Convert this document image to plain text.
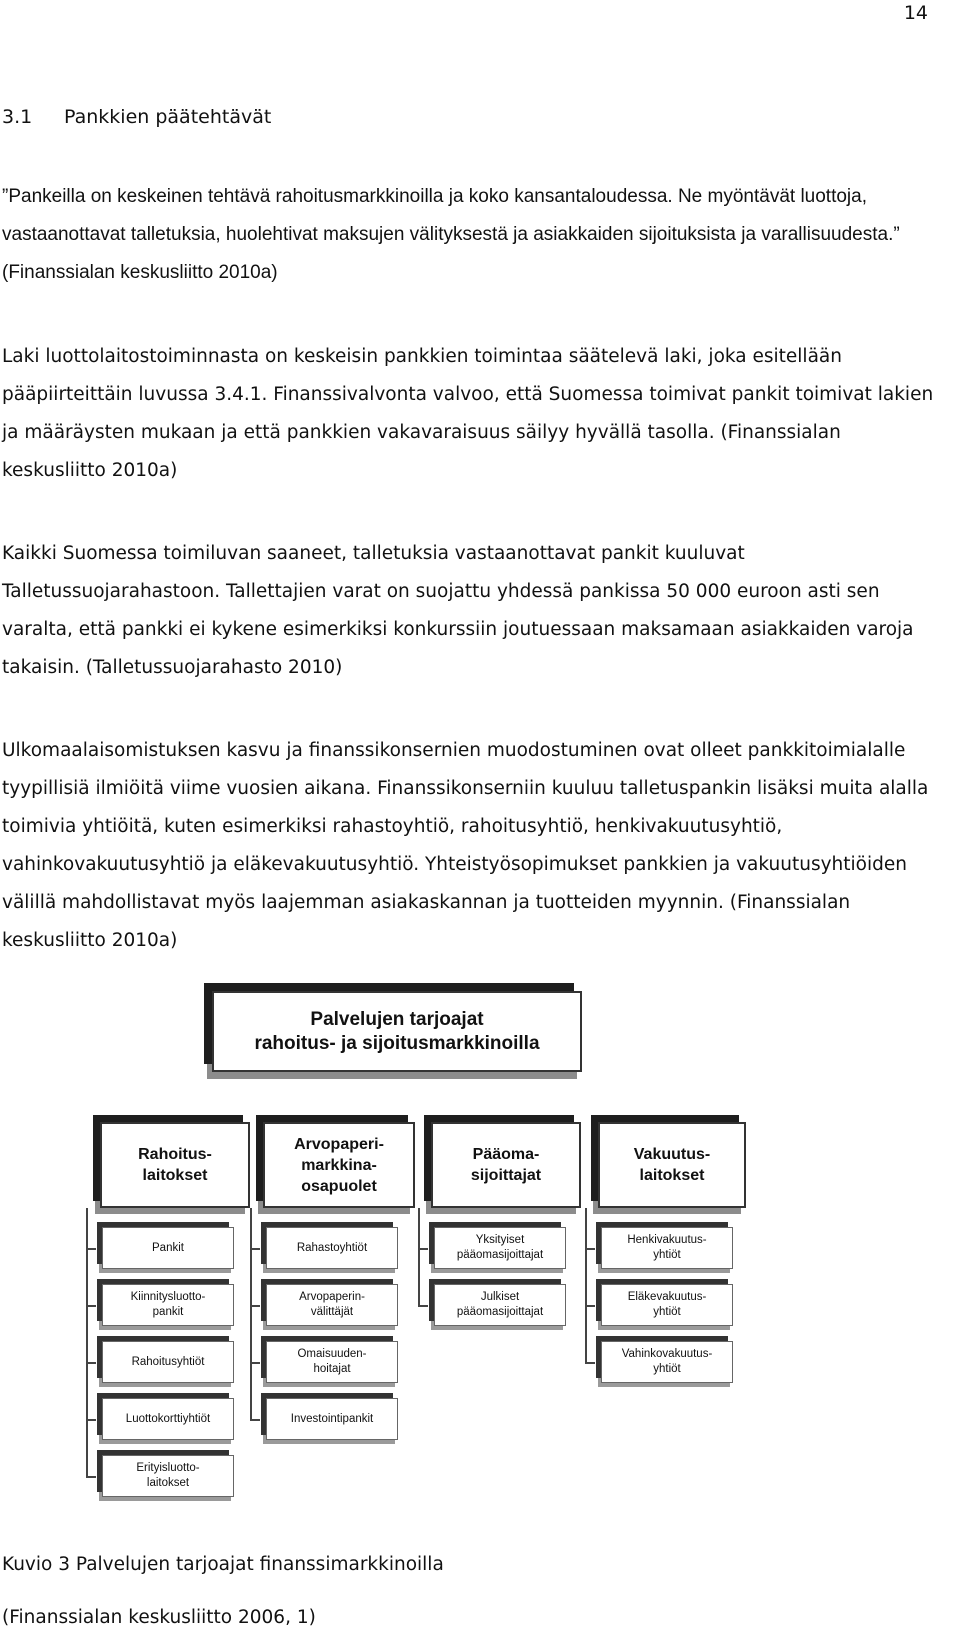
14
3.1 Pankkien päätehtävät

”Pankeilla on keskeinen tehtävä rahoitusmarkkinoilla ja koko kansantaloudessa. Ne myöntävät luottoja, vastaanottavat talletuksia, huolehtivat maksujen välityksestä ja asiakkaiden sijoituksista ja varallisuudesta.” (Finanssialan keskusliitto 2010a)

Laki luottolaitostoiminnasta on keskeisin pankkien toimintaa säätelevä laki, joka esitellään pääpiirteittäin luvussa 3.4.1. Finanssivalvonta valvoo, että Suomessa toimivat pankit toimivat lakien ja määräysten mukaan ja että pankkien vakavaraisuus säilyy hyvällä tasolla. (Finanssialan keskusliitto 2010a)

Kaikki Suomessa toimiluvan saaneet, talletuksia vastaanottavat pankit kuuluvat Talletussuojarahastoon. Tallettajien varat on suojattu yhdessä pankissa 50 000 euroon asti sen varalta, että pankki ei kykene esimerkiksi konkurssiin joutuessaan maksamaan asiakkaiden varoja takaisin. (Talletussuojarahasto 2010)

Ulkomaalaisomistuksen kasvu ja finanssikonsernien muodostuminen ovat olleet pankkitoimialalle tyypillisiä ilmiöitä viime vuosien aikana. Finanssikonserniin kuuluu talletuspankin lisäksi muita alalla toimivia yhtiöitä, kuten esimerkiksi rahastoyhtiö, rahoitusyhtiö, henkivakuutusyhtiö, vahinkovakuutusyhtiö ja eläkevakuutusyhtiö. Yhteistyösopimukset pankkien ja vakuutusyhtiöiden välillä mahdollistavat myös laajemman asiakaskannan ja tuotteiden myynnin. (Finanssialan keskusliitto 2010a)

Palvelujen tarjoajat
rahoitus- ja sijoitusmarkkinoilla
Rahoitus-
laitokset
Pankit
Kiinnitysluotto-
pankit
Rahoitusyhtiöt
Luottokorttiyhtiöt
Erityisluotto-
laitokset
Arvopaperi-
markkina-
osapuolet
Rahastoyhtiöt
Arvopaperin-
välittäjät
Omaisuuden-
hoitajat
Investointipankit
Pääoma-
sijoittajat
Yksityiset
pääomasijoittajat
Julkiset
pääomasijoittajat
Vakuutus-
laitokset
Henkivakuutus-
yhtiöt
Eläkevakuutus-
yhtiöt
Vahinkovakuutus-
yhtiöt
Kuvio 3 Palvelujen tarjoajat finanssimarkkinoilla
(Finanssialan keskusliitto 2006, 1)
